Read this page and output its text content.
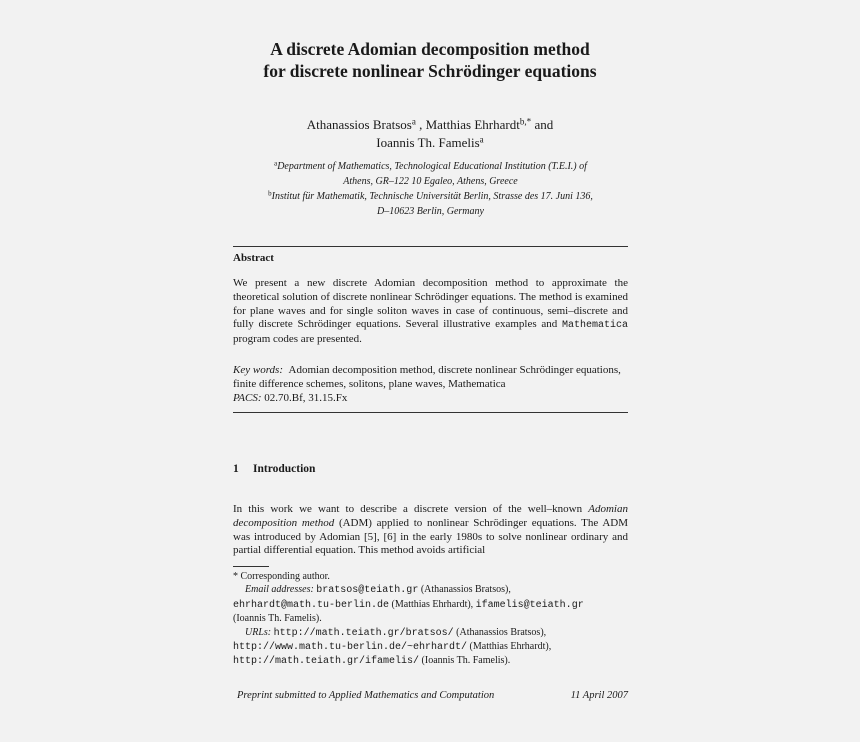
A discrete Adomian decomposition method
for discrete nonlinear Schrödinger equations
Athanassios Bratsos$^a$ , Matthias Ehrhardt$^{b,*}$ and
Ioannis Th. Famelis$^a$
$^a$Department of Mathematics, Technological Educational Institution (T.E.I.) of
Athens, GR–122 10 Egaleo, Athens, Greece
$^b$Institut für Mathematik, Technische Universität Berlin, Strasse des 17. Juni 136,
D–10623 Berlin, Germany
Abstract
We present a new discrete Adomian decomposition method to approximate the theoretical solution of discrete nonlinear Schrödinger equations. The method is examined for plane waves and for single soliton waves in case of continuous, semi–discrete and fully discrete Schrödinger equations. Several illustrative examples and Mathematica program codes are presented.
Key words: Adomian decomposition method, discrete nonlinear Schrödinger equations, finite difference schemes, solitons, plane waves, Mathematica
PACS: 02.70.Bf, 31.15.Fx
1 Introduction
In this work we want to describe a discrete version of the well–known Adomian decomposition method (ADM) applied to nonlinear Schrödinger equations. The ADM was introduced by Adomian [5], [6] in the early 1980s to solve nonlinear ordinary and partial differential equation. This method avoids artificial
* Corresponding author.
Email addresses: bratsos@teiath.gr (Athanassios Bratsos),
ehrhardt@math.tu-berlin.de (Matthias Ehrhardt), ifamelis@teiath.gr
(Ioannis Th. Famelis).
URLs: http://math.teiath.gr/bratsos/ (Athanassios Bratsos),
http://www.math.tu-berlin.de/~ehrhardt/ (Matthias Ehrhardt),
http://math.teiath.gr/ifamelis/ (Ioannis Th. Famelis).
Preprint submitted to Applied Mathematics and Computation	11 April 2007
